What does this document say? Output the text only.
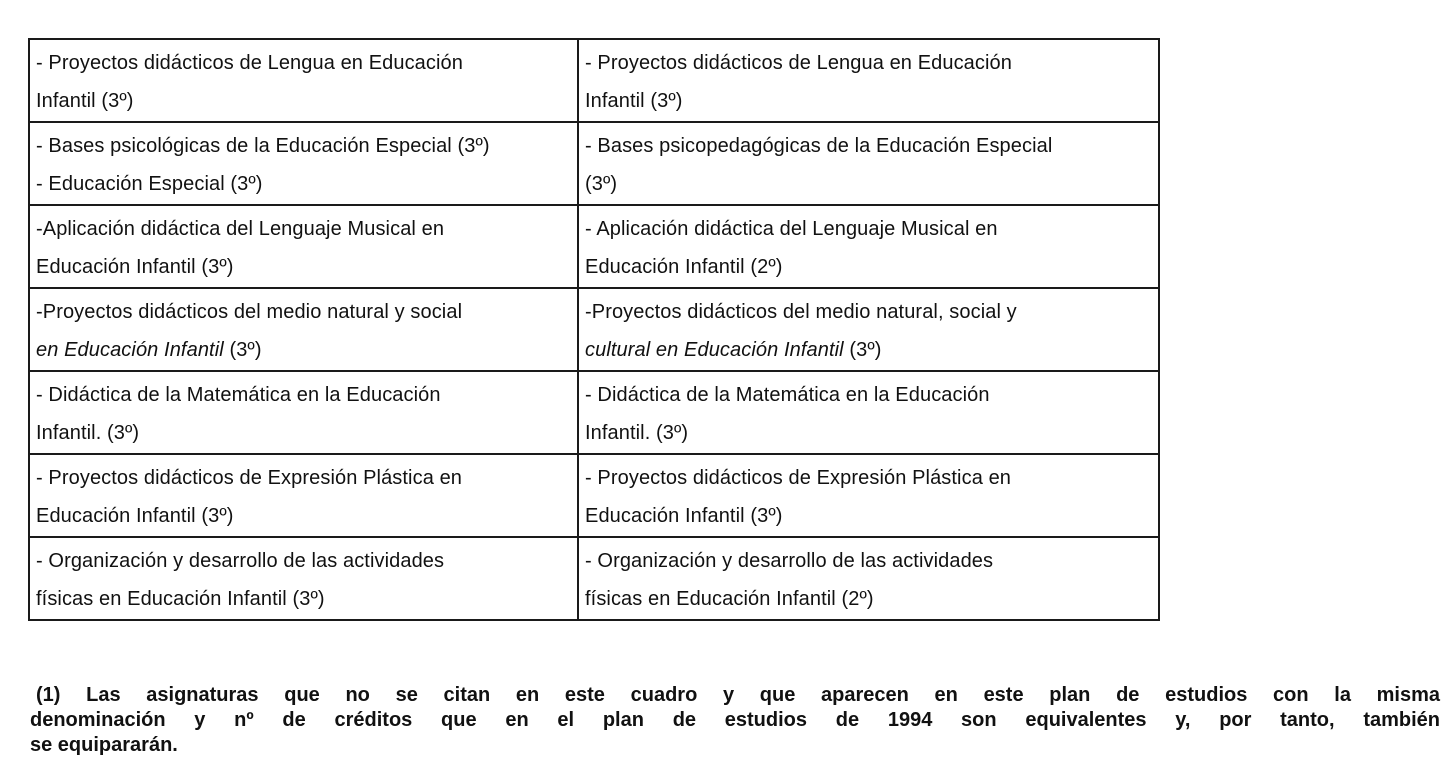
- Proyectos didácticos de Lengua en Educación
Infantil (3º)	- Proyectos didácticos de Lengua en Educación
Infantil (3º)

- Bases psicológicas de la Educación Especial (3º)
- Educación Especial (3º)	- Bases psicopedagógicas de la Educación Especial
(3º)

-Aplicación didáctica del Lenguaje Musical en
Educación Infantil (3º)	- Aplicación didáctica del Lenguaje Musical en
Educación Infantil (2º)

-Proyectos didácticos del medio natural y social
en Educación Infantil (3º)	-Proyectos didácticos del medio natural, social y
cultural en Educación Infantil (3º)

- Didáctica de la Matemática en la Educación
Infantil. (3º)	- Didáctica de la Matemática en la Educación
Infantil. (3º)

- Proyectos didácticos de Expresión Plástica en
Educación Infantil (3º)	- Proyectos didácticos de Expresión Plástica en
Educación Infantil (3º)

- Organización y desarrollo de las actividades
físicas en Educación Infantil (3º)	- Organización y desarrollo de las actividades
físicas en Educación Infantil (2º)
(1) Las asignaturas que no se citan en este cuadro y que aparecen en este plan de estudios con la misma
denominación y nº de créditos que en el plan de estudios de 1994 son equivalentes y, por tanto, también
se equipararán.
